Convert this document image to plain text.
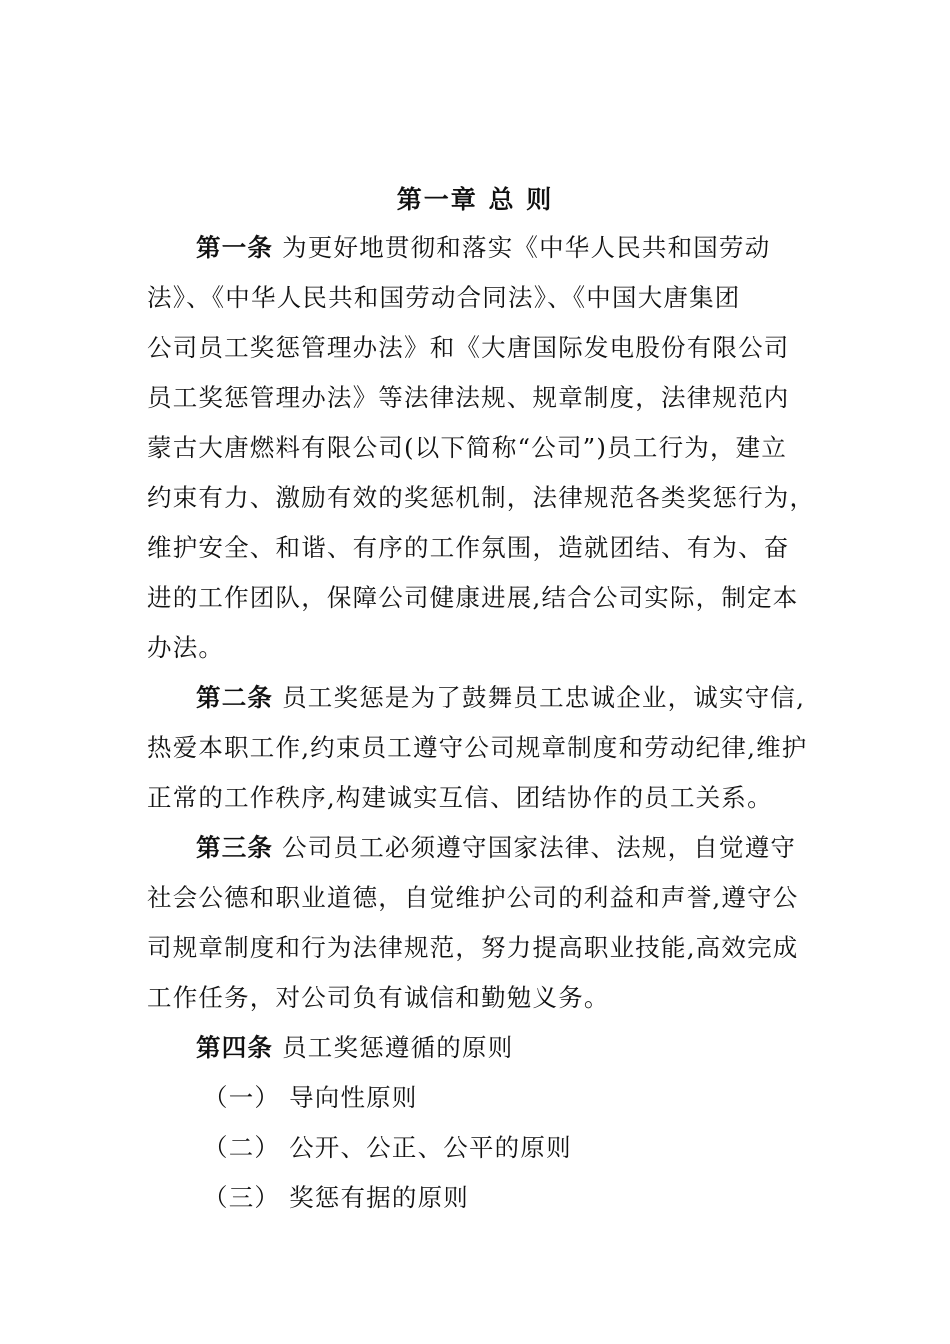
第一章 总 则
第一条 为更好地贯彻和落实《中华人民共和国劳动
法》、《中华人民共和国劳动合同法》、《中国大唐集团
公司员工奖惩管理办法》和《大唐国际发电股份有限公司
员工奖惩管理办法》等法律法规、规章制度，法律规范内
蒙古大唐燃料有限公司(以下简称“公司”)员工行为，建立
约束有力、激励有效的奖惩机制，法律规范各类奖惩行为，
维护安全、和谐、有序的工作氛围，造就团结、有为、奋
进的工作团队，保障公司健康进展,结合公司实际，制定本
办法。
第二条 员工奖惩是为了鼓舞员工忠诚企业，诚实守信,
热爱本职工作,约束员工遵守公司规章制度和劳动纪律,维护
正常的工作秩序,构建诚实互信、团结协作的员工关系。
第三条 公司员工必须遵守国家法律、法规，自觉遵守
社会公德和职业道德，自觉维护公司的利益和声誉,遵守公
司规章制度和行为法律规范，努力提高职业技能,高效完成
工作任务，对公司负有诚信和勤勉义务。
第四条 员工奖惩遵循的原则
（一） 导向性原则
（二） 公开、公正、公平的原则
（三） 奖惩有据的原则
